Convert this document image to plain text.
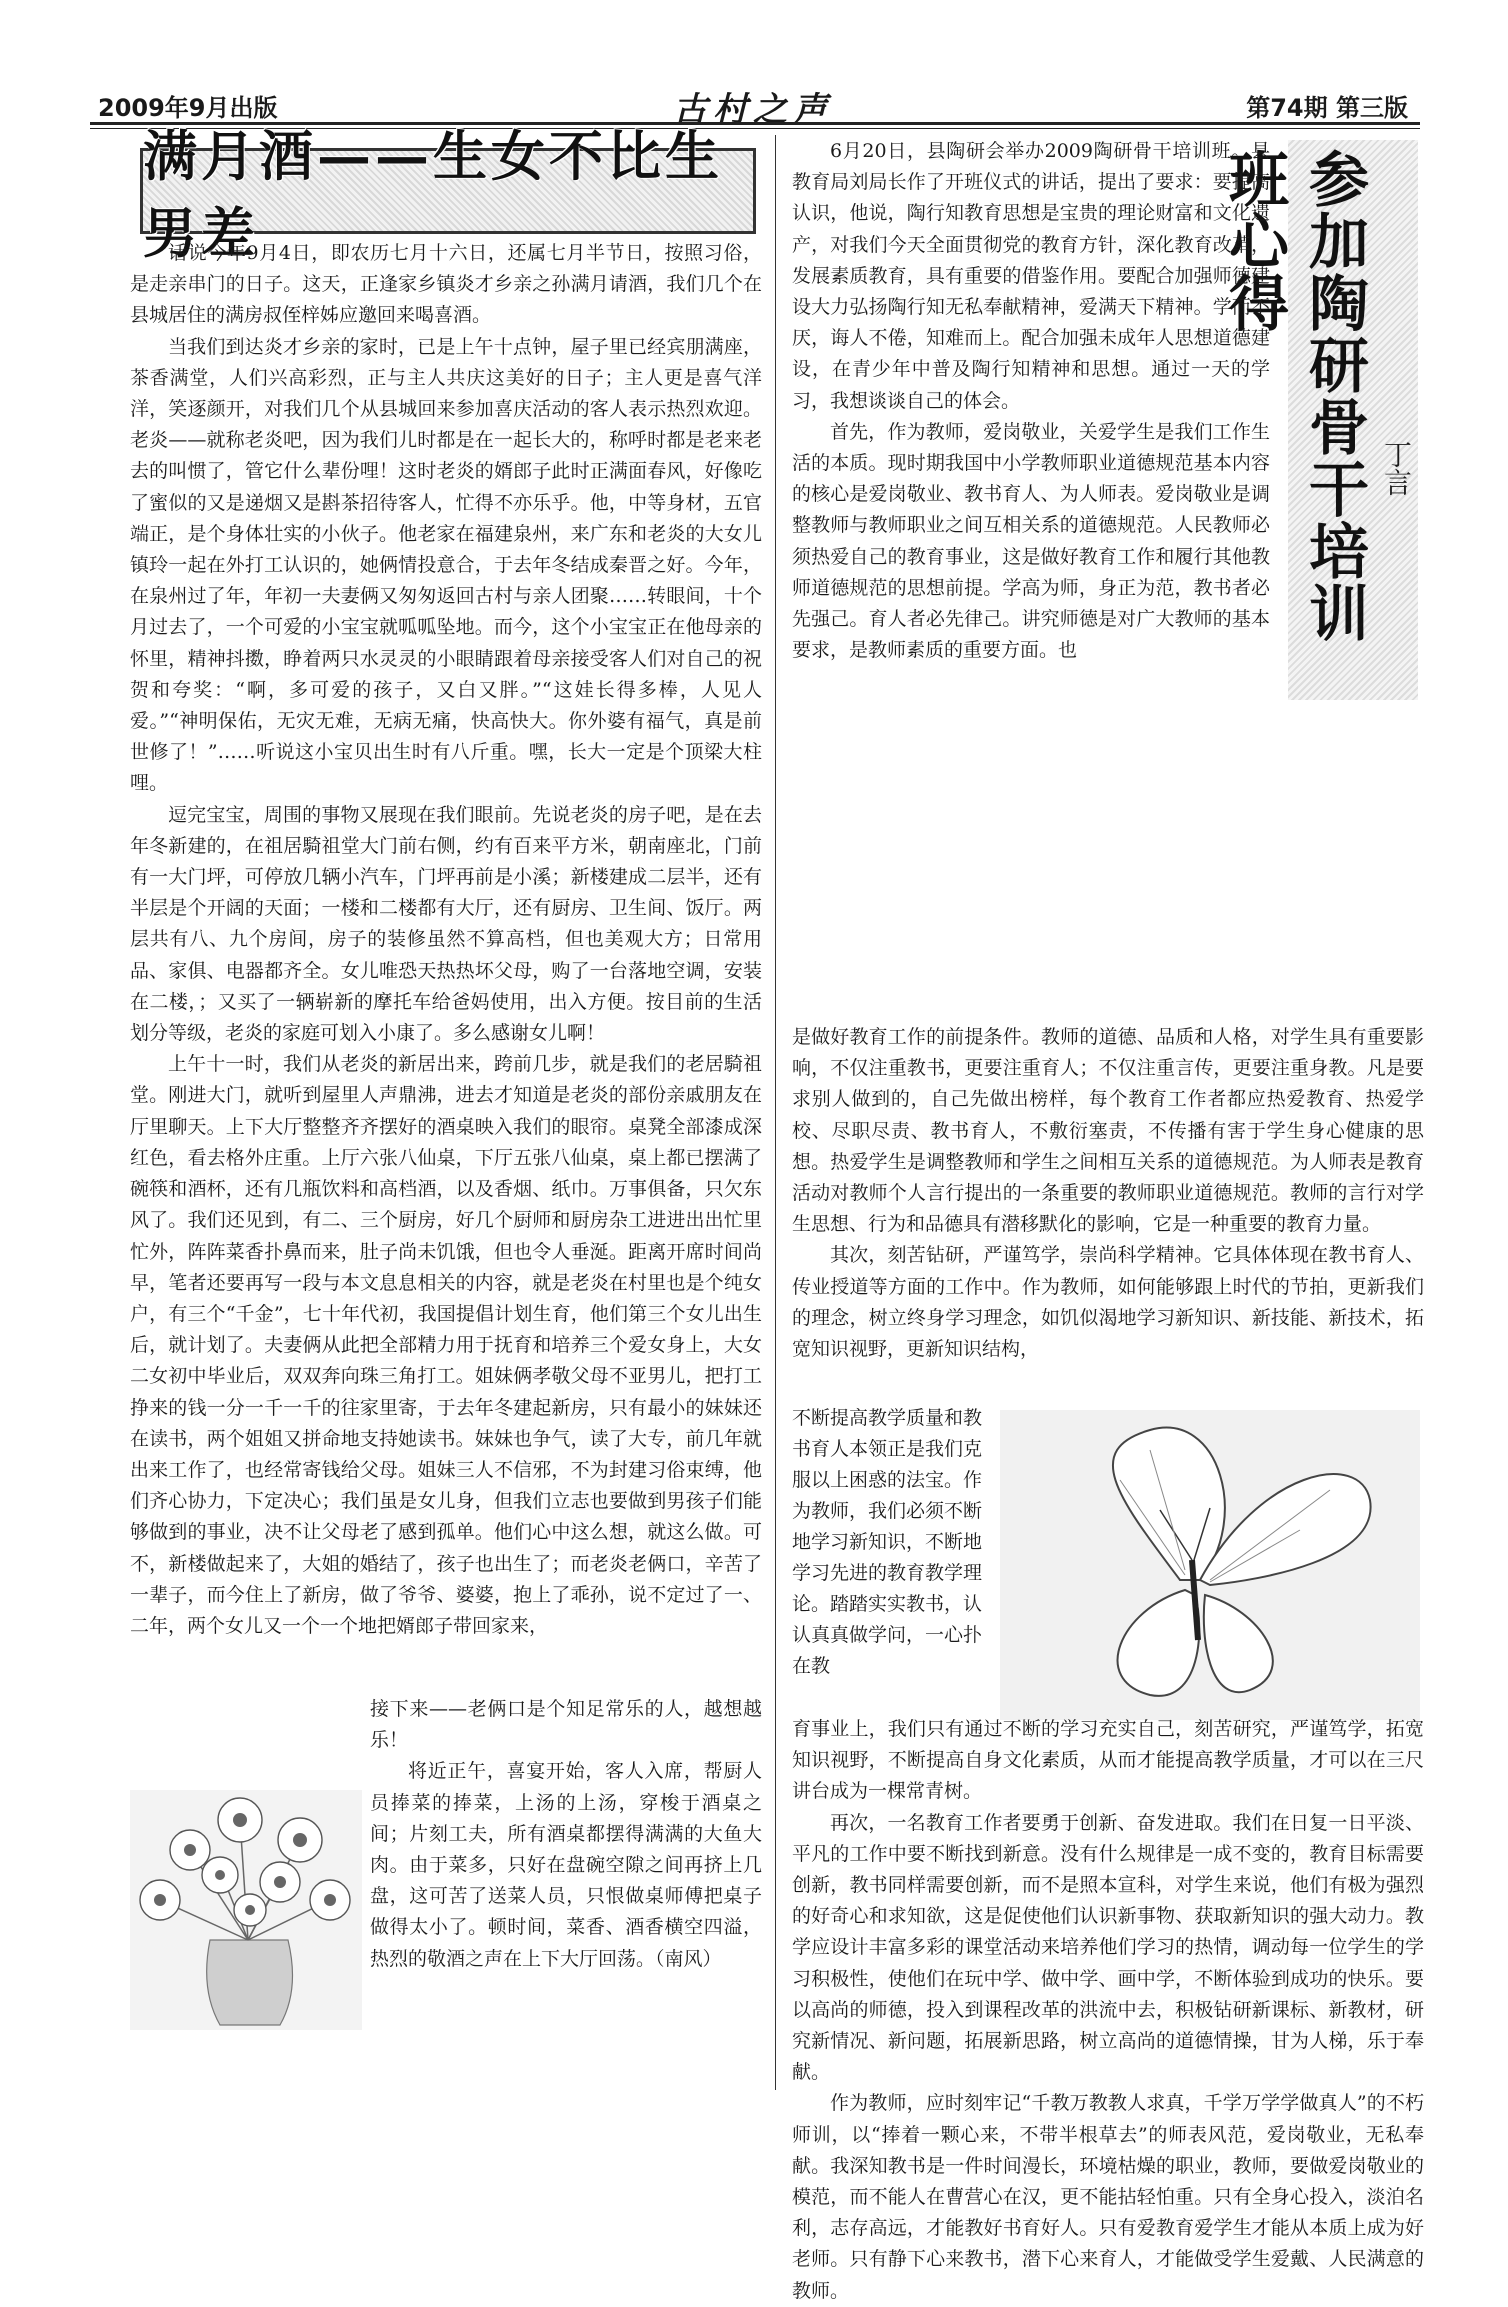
2009年9月出版	古村之声	第74期 第三版
满月酒——生女不比生男差

话说今年9月4日，即农历七月十六日，还属七月半节日，按照习俗，是走亲串门的日子。这天，正逢家乡镇炎才乡亲之孙满月请酒，我们几个在县城居住的满房叔侄梓姊应邀回来喝喜酒。

当我们到达炎才乡亲的家时，已是上午十点钟，屋子里已经宾朋满座，茶香满堂，人们兴高彩烈，正与主人共庆这美好的日子；主人更是喜气洋洋，笑逐颜开，对我们几个从县城回来参加喜庆活动的客人表示热烈欢迎。老炎——就称老炎吧，因为我们儿时都是在一起长大的，称呼时都是老来老去的叫惯了，管它什么辈份哩！这时老炎的婿郎子此时正满面春风，好像吃了蜜似的又是递烟又是斟茶招待客人，忙得不亦乐乎。他，中等身材，五官端正，是个身体壮实的小伙子。他老家在福建泉州，来广东和老炎的大女儿镇玲一起在外打工认识的，她俩情投意合，于去年冬结成秦晋之好。今年，在泉州过了年，年初一夫妻俩又匆匆返回古村与亲人团聚……转眼间，十个月过去了，一个可爱的小宝宝就呱呱坠地。而今，这个小宝宝正在他母亲的怀里，精神抖擞，睁着两只水灵灵的小眼睛跟着母亲接受客人们对自己的祝贺和夸奖：“啊，多可爱的孩子，又白又胖。”“这娃长得多棒，人见人爱。”“神明保佑，无灾无难，无病无痛，快高快大。你外婆有福气，真是前世修了！”……听说这小宝贝出生时有八斤重。嘿，长大一定是个顶梁大柱哩。

逗完宝宝，周围的事物又展现在我们眼前。先说老炎的房子吧，是在去年冬新建的，在祖居騎祖堂大门前右侧，约有百来平方米，朝南座北，门前有一大门坪，可停放几辆小汽车，门坪再前是小溪；新楼建成二层半，还有半层是个开阔的天面；一楼和二楼都有大厅，还有厨房、卫生间、饭厅。两层共有八、九个房间，房子的装修虽然不算高档，但也美观大方；日常用品、家俱、电器都齐全。女儿唯恐天热热坏父母，购了一台落地空调，安装在二楼，；又买了一辆崭新的摩托车给爸妈使用，出入方便。按目前的生活划分等级，老炎的家庭可划入小康了。多么感谢女儿啊！

上午十一时，我们从老炎的新居出来，跨前几步，就是我们的老居騎祖堂。刚进大门，就听到屋里人声鼎沸，进去才知道是老炎的部份亲戚朋友在厅里聊天。上下大厅整整齐齐摆好的酒桌映入我们的眼帘。桌凳全部漆成深红色，看去格外庄重。上厅六张八仙桌，下厅五张八仙桌，桌上都已摆满了碗筷和酒杯，还有几瓶饮料和高档酒，以及香烟、纸巾。万事俱备，只欠东风了。我们还见到，有二、三个厨房，好几个厨师和厨房杂工进进出出忙里忙外，阵阵菜香扑鼻而来，肚子尚未饥饿，但也令人垂涎。距离开席时间尚早，笔者还要再写一段与本文息息相关的内容，就是老炎在村里也是个纯女户，有三个“千金”，七十年代初，我国提倡计划生育，他们第三个女儿出生后，就计划了。夫妻俩从此把全部精力用于抚育和培养三个爱女身上，大女二女初中毕业后，双双奔向珠三角打工。姐妹俩孝敬父母不亚男儿，把打工挣来的钱一分一千一千的往家里寄，于去年冬建起新房，只有最小的妹妹还在读书，两个姐姐又拼命地支持她读书。妹妹也争气，读了大专，前几年就出来工作了，也经常寄钱给父母。姐妹三人不信邪，不为封建习俗束缚，他们齐心协力，下定决心；我们虽是女儿身，但我们立志也要做到男孩子们能够做到的事业，决不让父母老了感到孤单。他们心中这么想，就这么做。可不，新楼做起来了，大姐的婚结了，孩子也出生了；而老炎老俩口，辛苦了一辈子，而今住上了新房，做了爷爷、婆婆，抱上了乖孙，说不定过了一、二年，两个女儿又一个一个地把婿郎子带回家来，

接下来——老俩口是个知足常乐的人，越想越乐！

将近正午，喜宴开始，客人入席，帮厨人员捧菜的捧菜，上汤的上汤，穿梭于酒桌之间；片刻工夫，所有酒桌都摆得满满的大鱼大肉。由于菜多，只好在盘碗空隙之间再挤上几盘，这可苦了送菜人员，只恨做桌师傅把桌子做得太小了。顿时间，菜香、酒香横空四溢，热烈的敬酒之声在上下大厅回荡。（南风）

参加陶研骨干培训班心得
丁言

6月20日，县陶研会举办2009陶研骨干培训班。县教育局刘局长作了开班仪式的讲话，提出了要求：要提高认识，他说，陶行知教育思想是宝贵的理论财富和文化遗产，对我们今天全面贯彻党的教育方针，深化教育改革，发展素质教育，具有重要的借鉴作用。要配合加强师德建设大力弘扬陶行知无私奉献精神，爱满天下精神。学而不厌，诲人不倦，知难而上。配合加强未成年人思想道德建设，在青少年中普及陶行知精神和思想。通过一天的学习，我想谈谈自己的体会。

首先，作为教师，爱岗敬业，关爱学生是我们工作生活的本质。现时期我国中小学教师职业道德规范基本内容的核心是爱岗敬业、教书育人、为人师表。爱岗敬业是调整教师与教师职业之间互相关系的道德规范。人民教师必须热爱自己的教育事业，这是做好教育工作和履行其他教师道德规范的思想前提。学高为师，身正为范，教书者必先强己。育人者必先律己。讲究师德是对广大教师的基本要求，是教师素质的重要方面。也

是做好教育工作的前提条件。教师的道德、品质和人格，对学生具有重要影响，不仅注重教书，更要注重育人；不仅注重言传，更要注重身教。凡是要求别人做到的，自己先做出榜样，每个教育工作者都应热爱教育、热爱学校、尽职尽责、教书育人，不敷衍塞责，不传播有害于学生身心健康的思想。热爱学生是调整教师和学生之间相互关系的道德规范。为人师表是教育活动对教师个人言行提出的一条重要的教师职业道德规范。教师的言行对学生思想、行为和品德具有潜移默化的影响，它是一种重要的教育力量。

其次，刻苦钻研，严谨笃学，崇尚科学精神。它具体体现在教书育人、传业授道等方面的工作中。作为教师，如何能够跟上时代的节拍，更新我们的理念，树立终身学习理念，如饥似渴地学习新知识、新技能、新技术，拓宽知识视野，更新知识结构，

不断提高教学质量和教书育人本领正是我们克服以上困惑的法宝。作为教师，我们必须不断地学习新知识，不断地学习先进的教育教学理论。踏踏实实教书，认认真真做学问，一心扑在教

育事业上，我们只有通过不断的学习充实自己，刻苦研究，严谨笃学，拓宽知识视野，不断提高自身文化素质，从而才能提高教学质量，才可以在三尺讲台成为一棵常青树。

再次，一名教育工作者要勇于创新、奋发进取。我们在日复一日平淡、平凡的工作中要不断找到新意。没有什么规律是一成不变的，教育目标需要创新，教书同样需要创新，而不是照本宣科，对学生来说，他们有极为强烈的好奇心和求知欲，这是促使他们认识新事物、获取新知识的强大动力。教学应设计丰富多彩的课堂活动来培养他们学习的热情，调动每一位学生的学习积极性，使他们在玩中学、做中学、画中学，不断体验到成功的快乐。要以高尚的师德，投入到课程改革的洪流中去，积极钻研新课标、新教材，研究新情况、新问题，拓展新思路，树立高尚的道德情操，甘为人梯，乐于奉献。

作为教师，应时刻牢记“千教万教教人求真，千学万学学做真人”的不朽师训，以“捧着一颗心来，不带半根草去”的师表风范，爱岗敬业，无私奉献。我深知教书是一件时间漫长，环境枯燥的职业，教师，要做爱岗敬业的模范，而不能人在曹营心在汉，更不能拈轻怕重。只有全身心投入，淡泊名利，志存高远，才能教好书育好人。只有爱教育爱学生才能从本质上成为好老师。只有静下心来教书，潜下心来育人，才能做受学生爱戴、人民满意的教师。
